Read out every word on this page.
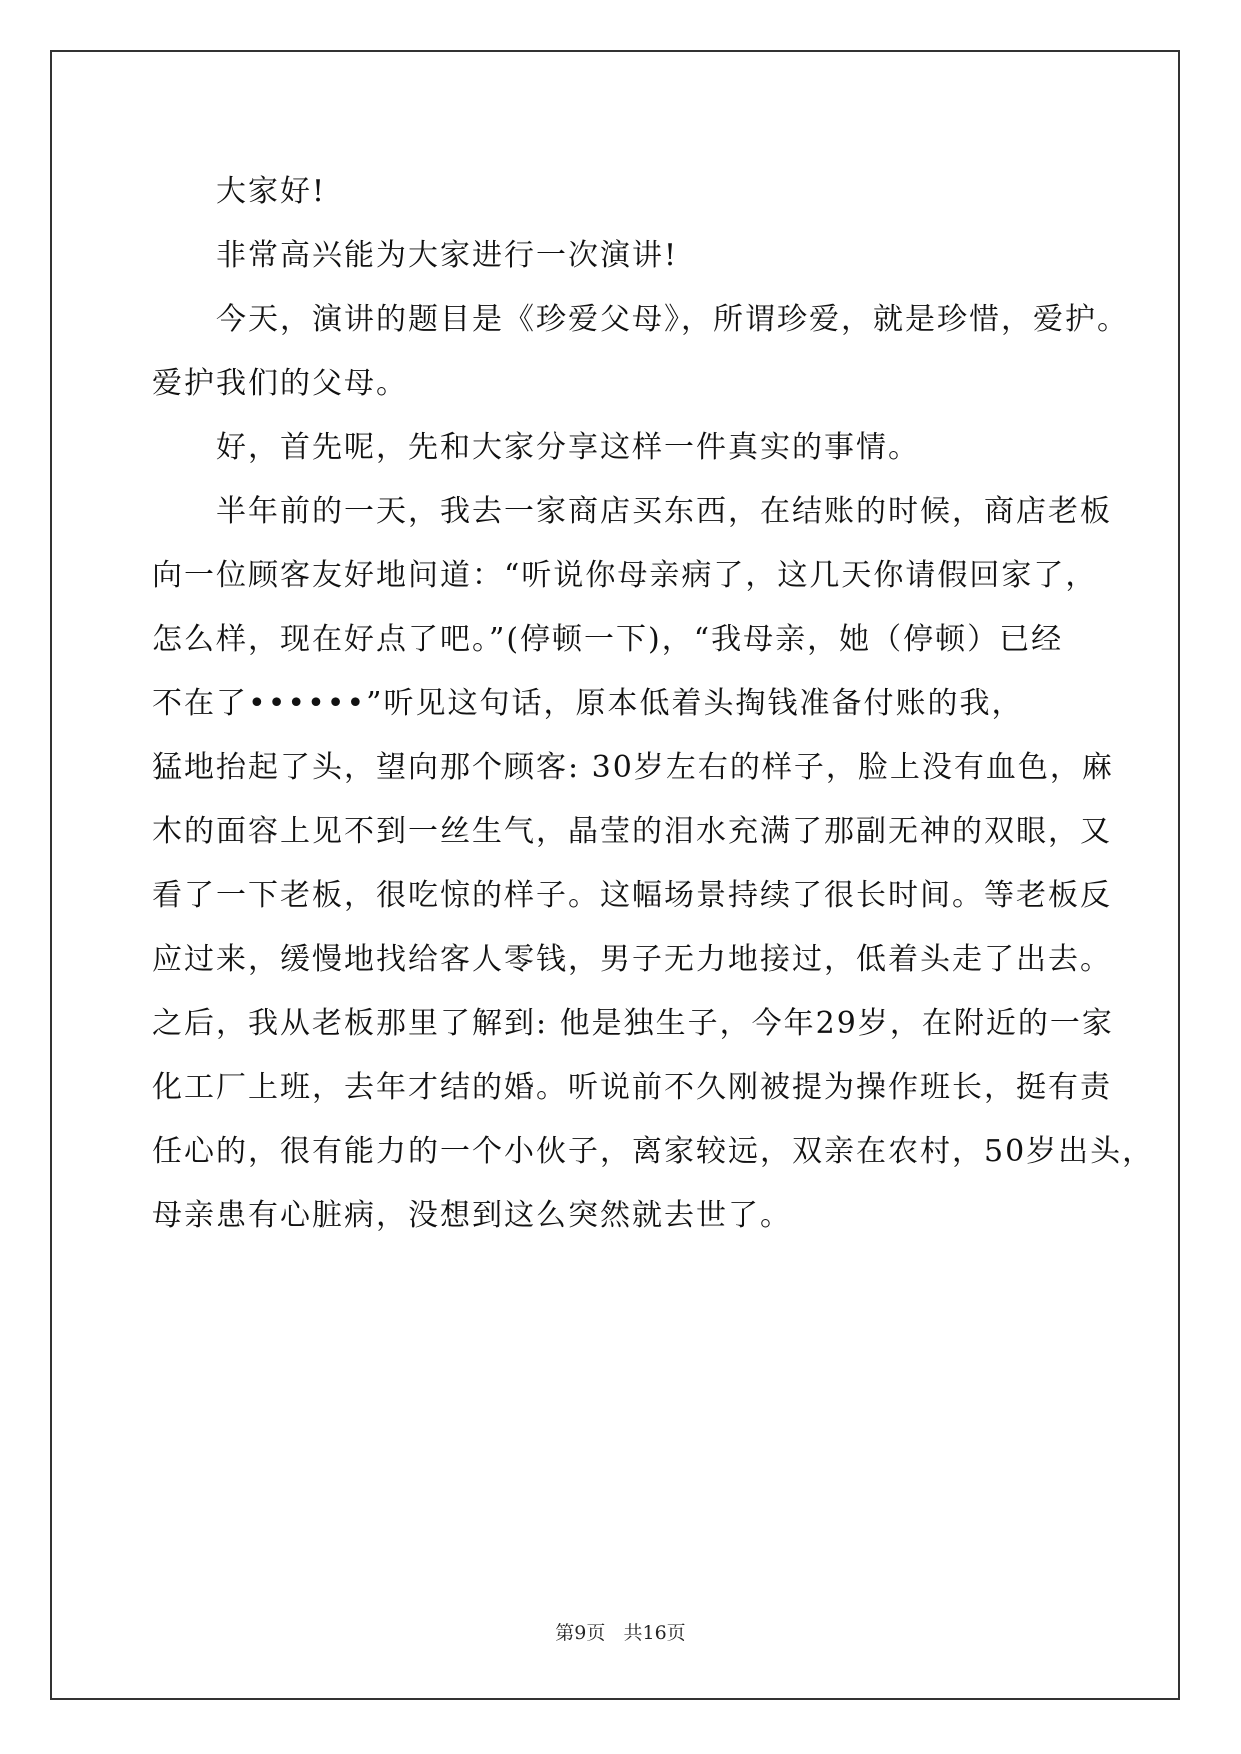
大家好!
非常高兴能为大家进行一次演讲!
今天，演讲的题目是《珍爱父母》，所谓珍爱，就是珍惜，爱护。
爱护我们的父母。
好，首先呢，先和大家分享这样一件真实的事情。
半年前的一天，我去一家商店买东西，在结账的时候，商店老板
向一位顾客友好地问道：“听说你母亲病了，这几天你请假回家了，
怎么样，现在好点了吧。”(停顿一下)，“我母亲，她（停顿）已经
不在了••••••”听见这句话，原本低着头掏钱准备付账的我，
猛地抬起了头，望向那个顾客: 30岁左右的样子，脸上没有血色，麻
木的面容上见不到一丝生气，晶莹的泪水充满了那副无神的双眼，又
看了一下老板，很吃惊的样子。这幅场景持续了很长时间。等老板反
应过来，缓慢地找给客人零钱，男子无力地接过，低着头走了出去。
之后，我从老板那里了解到: 他是独生子，今年29岁，在附近的一家
化工厂上班，去年才结的婚。听说前不久刚被提为操作班长，挺有责
任心的，很有能力的一个小伙子，离家较远，双亲在农村，50岁出头，
母亲患有心脏病，没想到这么突然就去世了。
第9页   共16页
